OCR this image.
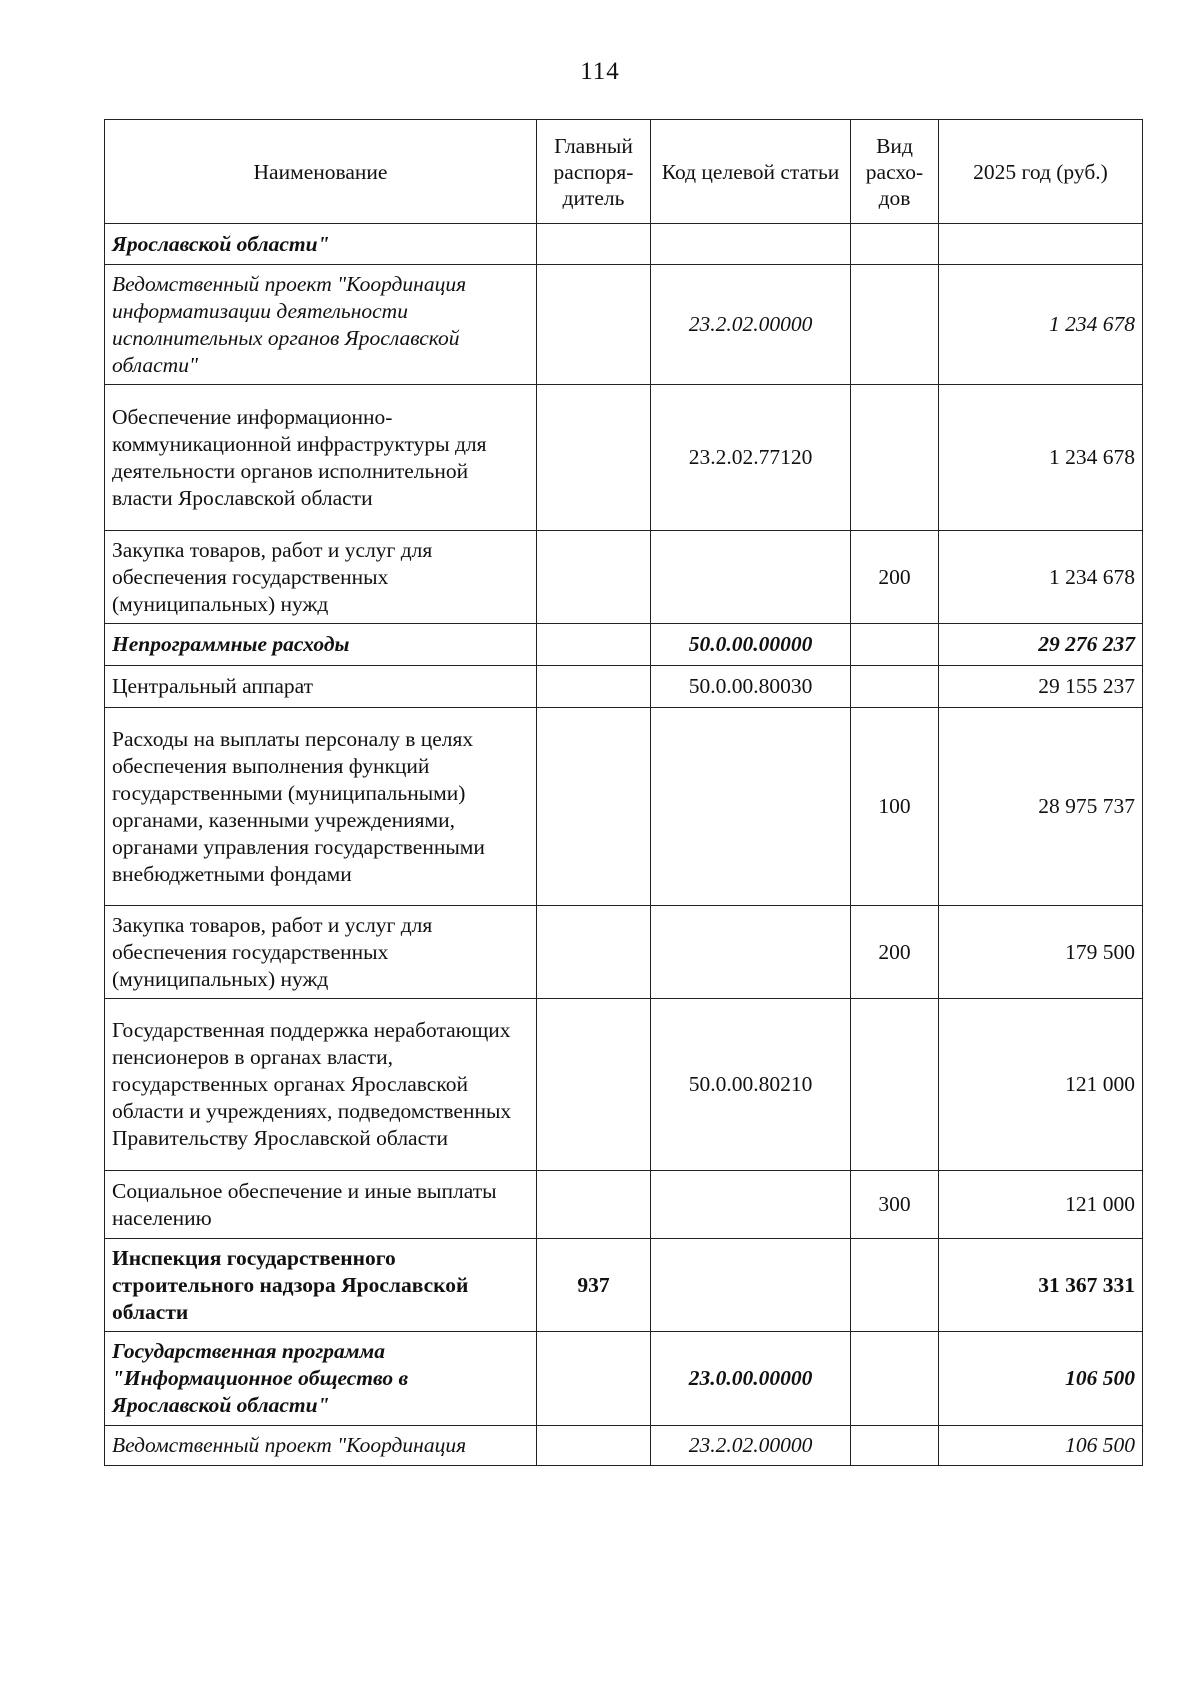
114
Наименование	Главный распоря-дитель	Код целевой статьи	Вид расхо-дов	2025 год (руб.)
Ярославской области"				
Ведомственный проект "Координация информатизации деятельности исполнительных органов Ярославской области"		23.2.02.00000		1 234 678
Обеспечение информационно-коммуникационной инфраструктуры для деятельности органов исполнительной власти Ярославской области		23.2.02.77120		1 234 678
Закупка товаров, работ и услуг для обеспечения государственных (муниципальных) нужд			200	1 234 678
Непрограммные расходы		50.0.00.00000		29 276 237
Центральный аппарат		50.0.00.80030		29 155 237
Расходы на выплаты персоналу в целях обеспечения выполнения функций государственными (муниципальными) органами, казенными учреждениями, органами управления государственными внебюджетными фондами			100	28 975 737
Закупка товаров, работ и услуг для обеспечения государственных (муниципальных) нужд			200	179 500
Государственная поддержка неработающих пенсионеров в органах власти, государственных органах Ярославской области и учреждениях, подведомственных Правительству Ярославской области		50.0.00.80210		121 000
Социальное обеспечение и иные выплаты населению			300	121 000
Инспекция государственного строительного надзора Ярославской области	937			31 367 331
Государственная программа "Информационное общество в Ярославской области"		23.0.00.00000		106 500
Ведомственный проект "Координация		23.2.02.00000		106 500
